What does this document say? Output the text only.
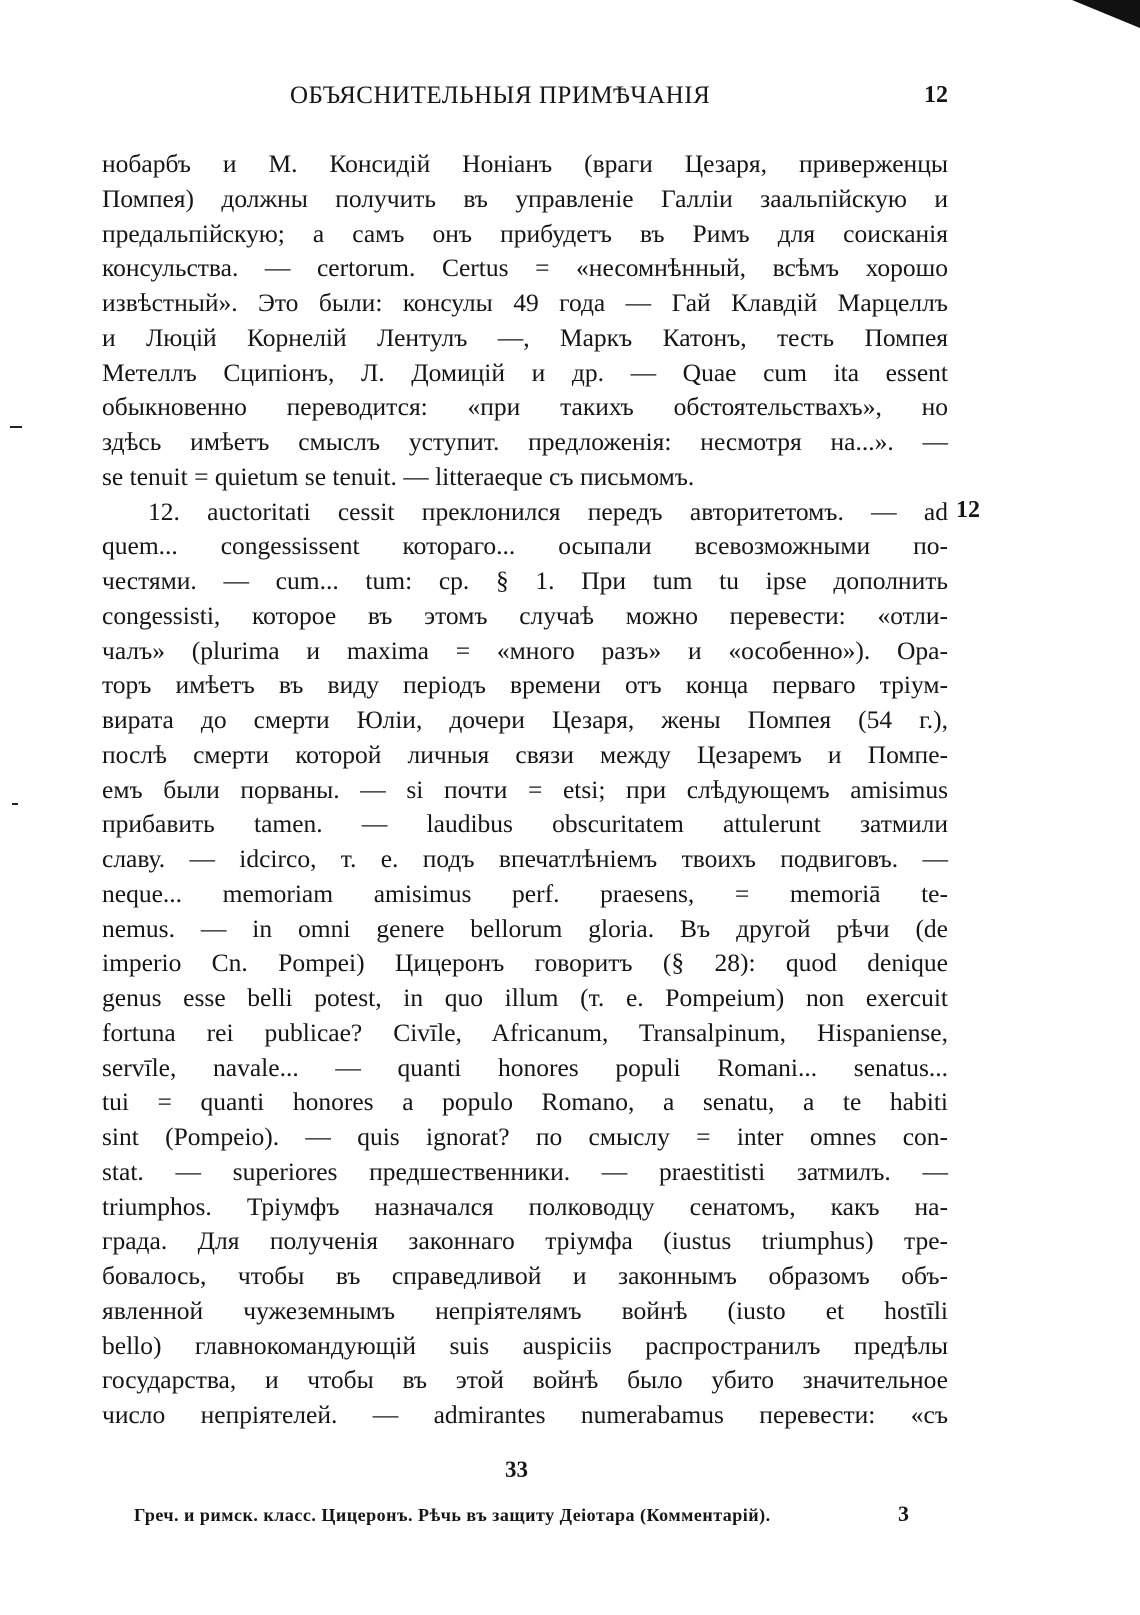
ОБЪЯСНИТЕЛЬНЫЯ ПРИМѢЧАНІЯ	12
нобарбъ и М. Консидій Ноніанъ (враги Цезаря, приверженцы
Помпея) должны получить въ управленіе Галліи заальпійскую и
предальпійскую; а самъ онъ прибудетъ въ Римъ для соисканія
консульства. — certorum. Certus = «несомнѣнный, всѣмъ хорошо
извѣстный». Это были: консулы 49 года — Гай Клавдій Марцеллъ
и Люцій Корнелій Лентулъ —, Маркъ Катонъ, тесть Помпея
Метеллъ Сципіонъ, Л. Домицій и др. — Quae cum ita essent
обыкновенно переводится: «при такихъ обстоятельствахъ», но
здѣсь имѣетъ смыслъ уступит. предложенія: несмотря на...». —
se tenuit = quietum se tenuit. — litteraeque съ письмомъ.
12. auctoritati cessit преклонился передъ авторитетомъ. — ad
quem... congessissent котораго... осыпали всевозможными по-
честями. — cum... tum: ср. § 1. При tum tu ipse дополнить
congessisti, которое въ этомъ случаѣ можно перевести: «отли-
чалъ» (plurima и maxima = «много разъ» и «особенно»). Ора-
торъ имѣетъ въ виду періодъ времени отъ конца перваго тріум-
вирата до смерти Юліи, дочери Цезаря, жены Помпея (54 г.),
послѣ смерти которой личныя связи между Цезаремъ и Помпе-
емъ были порваны. — si почти = etsi; при слѣдующемъ amisimus
прибавить tamen. — laudibus obscuritatem attulerunt затмили
славу. — idcirco, т. е. подъ впечатлѣніемъ твоихъ подвиговъ. —
neque... memoriam amisimus perf. praesens, = memoriā te-
nemus. — in omni genere bellorum gloria. Въ другой рѣчи (de
imperio Cn. Pompei) Цицеронъ говоритъ (§ 28): quod denique
genus esse belli potest, in quo illum (т. е. Pompeium) non exercuit
fortuna rei publicae? Civīle, Africanum, Transalpinum, Hispaniense,
servīle, navale... — quanti honores populi Romani... senatus...
tui = quanti honores a populo Romano, a senatu, a te habiti
sint (Pompeio). — quis ignorat? по смыслу = inter omnes con-
stat. — superiores предшественники. — praestitisti затмилъ. —
triumphos. Тріумфъ назначался полководцу сенатомъ, какъ на-
града. Для полученія законнаго тріумфа (iustus triumphus) тре-
бовалось, чтобы въ справедливой и законнымъ образомъ объ-
явленной чужеземнымъ непріятелямъ войнѣ (iusto et hostīli
bello) главнокомандующій suis auspiciis распространилъ предѣлы
государства, и чтобы въ этой войнѣ было убито значительное
число непріятелей. — admirantes numerabamus перевести: «съ
12
33
Греч. и римск. класс. Цицеронъ. Рѣчь въ защиту Деіотара (Комментарій).	3
